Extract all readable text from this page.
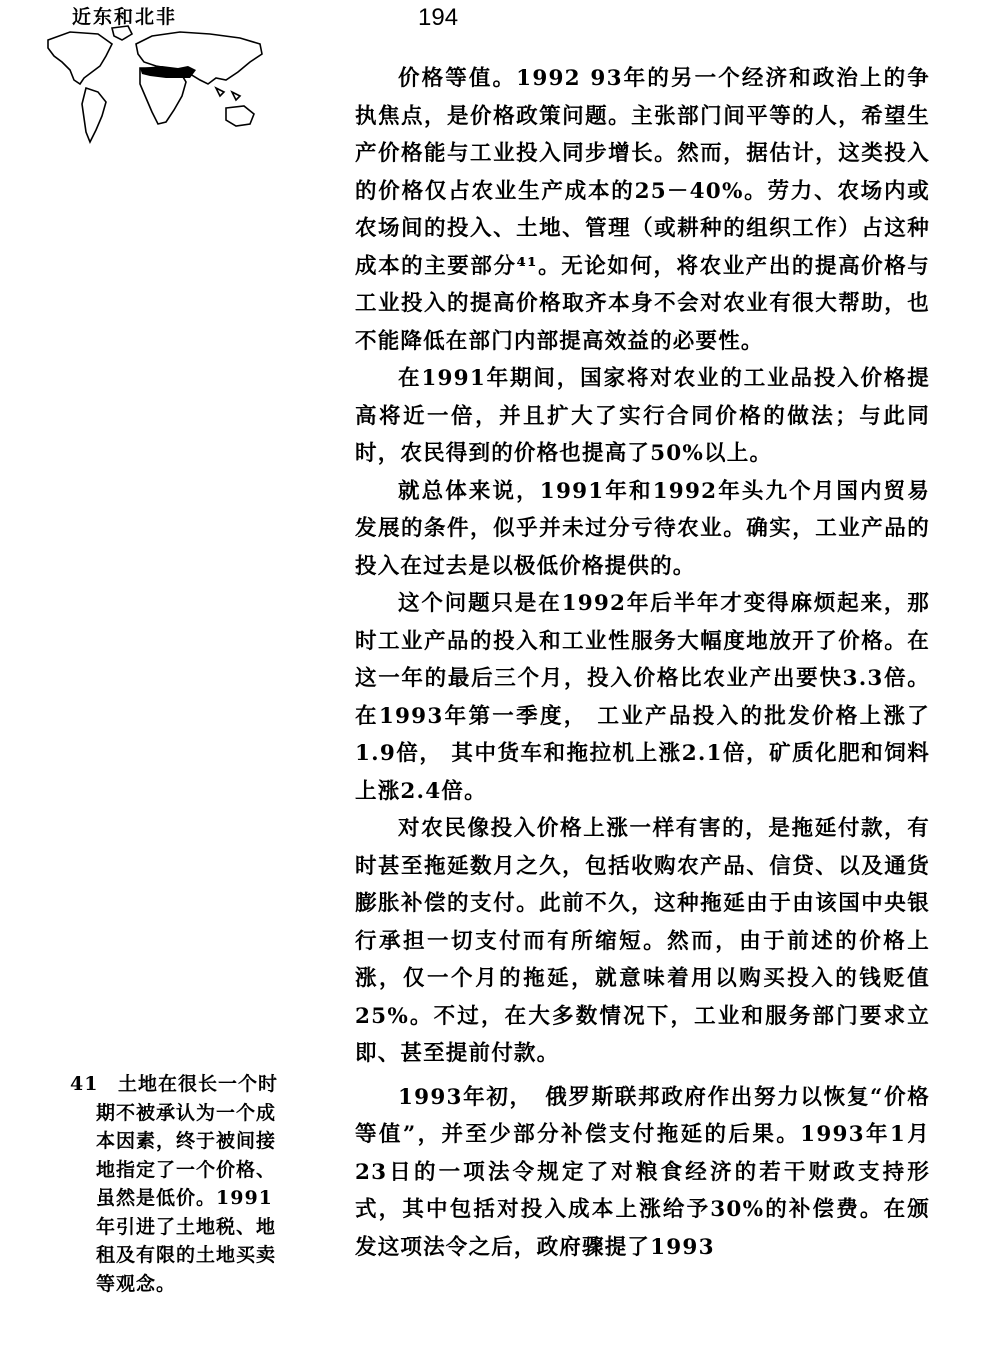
近东和北非	194

价格等值。1992 93年的另一个经济和政治上的争执焦点，是价格政策问题。主张部门间平等的人，希望生产价格能与工业投入同步增长。然而，据估计，这类投入的价格仅占农业生产成本的25－40%。劳力、农场内或农场间的投入、土地、管理（或耕种的组织工作）占这种成本的主要部分⁴¹。无论如何，将农业产出的提高价格与工业投入的提高价格取齐本身不会对农业有很大帮助，也不能降低在部门内部提高效益的必要性。

在1991年期间，国家将对农业的工业品投入价格提高将近一倍，并且扩大了实行合同价格的做法；与此同时，农民得到的价格也提高了50%以上。

就总体来说，1991年和1992年头九个月国内贸易发展的条件，似乎并未过分亏待农业。确实，工业产品的投入在过去是以极低价格提供的。

这个问题只是在1992年后半年才变得麻烦起来，那时工业产品的投入和工业性服务大幅度地放开了价格。在这一年的最后三个月，投入价格比农业产出要快3.3倍。在1993年第一季度， 工业产品投入的批发价格上涨了1.9倍， 其中货车和拖拉机上涨2.1倍，矿质化肥和饲料上涨2.4倍。

对农民像投入价格上涨一样有害的，是拖延付款，有时甚至拖延数月之久，包括收购农产品、信贷、以及通货膨胀补偿的支付。此前不久，这种拖延由于由该国中央银行承担一切支付而有所缩短。然而，由于前述的价格上涨，仅一个月的拖延，就意味着用以购买投入的钱贬值25%。不过，在大多数情况下，工业和服务部门要求立即、甚至提前付款。

1993年初，　俄罗斯联邦政府作出努力以恢复“价格等值”，并至少部分补偿支付拖延的后果。1993年1月23日的一项法令规定了对粮食经济的若干财政支持形式，其中包括对投入成本上涨给予30%的补偿费。在颁发这项法令之后，政府骤提了1993

41 土地在很长一个时期不被承认为一个成本因素，终于被间接地指定了一个价格、虽然是低价。1991年引进了土地税、地租及有限的土地买卖等观念。
